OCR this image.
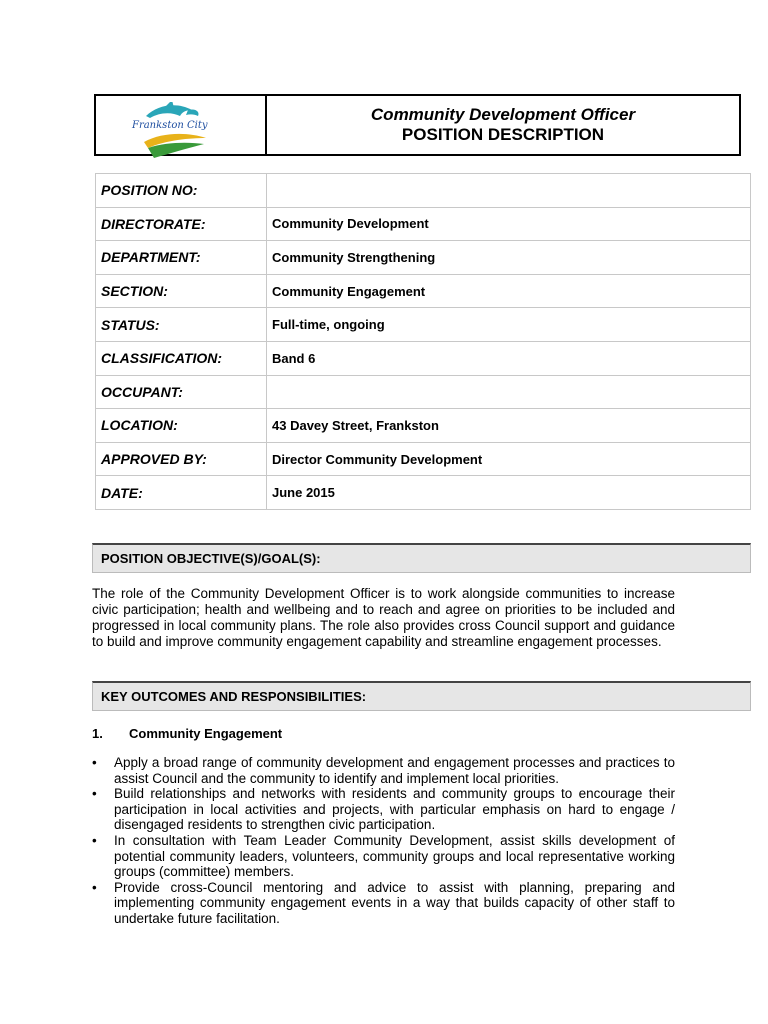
Frankston City
Community Development Officer
POSITION DESCRIPTION
POSITION NO:	
DIRECTORATE:	Community Development
DEPARTMENT:	Community Strengthening
SECTION:	Community Engagement
STATUS:	Full-time, ongoing
CLASSIFICATION:	Band 6
OCCUPANT:	
LOCATION:	43 Davey Street, Frankston
APPROVED BY:	Director Community Development
DATE:	June 2015
POSITION OBJECTIVE(S)/GOAL(S):

The role of the Community Development Officer is to work alongside communities to increase civic participation; health and wellbeing and to reach and agree on priorities to be included and progressed in local community plans. The role also provides cross Council support and guidance to build and improve community engagement capability and streamline engagement processes.

KEY OUTCOMES AND RESPONSIBILITIES:
1. Community Engagement
• Apply a broad range of community development and engagement processes and practices to assist Council and the community to identify and implement local priorities.
• Build relationships and networks with residents and community groups to encourage their participation in local activities and projects, with particular emphasis on hard to engage / disengaged residents to strengthen civic participation.
• In consultation with Team Leader Community Development, assist skills development of potential community leaders, volunteers, community groups and local representative working groups (committee) members.
• Provide cross-Council mentoring and advice to assist with planning, preparing and implementing community engagement events in a way that builds capacity of other staff to undertake future facilitation.
